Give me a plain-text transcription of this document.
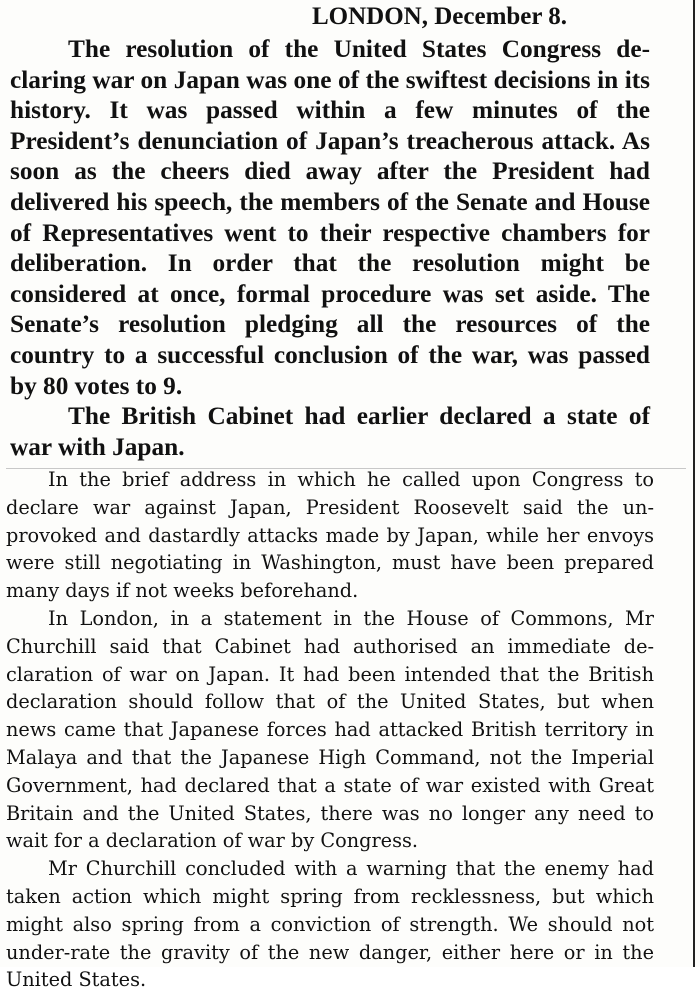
LONDON, December 8.

The resolution of the United States Congress declaring war on Japan was one of the swiftest decisions in its history. It was passed within a few minutes of the President’s denunciation of Japan’s treacherous attack. As soon as the cheers died away after the President had delivered his speech, the members of the Senate and House of Representatives went to their respective chambers for deliberation. In order that the resolution might be considered at once, formal procedure was set aside. The Senate’s resolution pledging all the resources of the country to a successful conclusion of the war, was passed by 80 votes to 9.

The British Cabinet had earlier declared a state of war with Japan.

In the brief address in which he called upon Congress to declare war against Japan, President Roosevelt said the unprovoked and dastardly attacks made by Japan, while her envoys were still negotiating in Washington, must have been prepared many days if not weeks beforehand.

In London, in a statement in the House of Commons, Mr Churchill said that Cabinet had authorised an immediate declaration of war on Japan. It had been intended that the British declaration should follow that of the United States, but when news came that Japanese forces had attacked British territory in Malaya and that the Japanese High Command, not the Imperial Government, had declared that a state of war existed with Great Britain and the United States, there was no longer any need to wait for a declaration of war by Congress.

Mr Churchill concluded with a warning that the enemy had taken action which might spring from recklessness, but which might also spring from a conviction of strength. We should not under-rate the gravity of the new danger, either here or in the United States.
